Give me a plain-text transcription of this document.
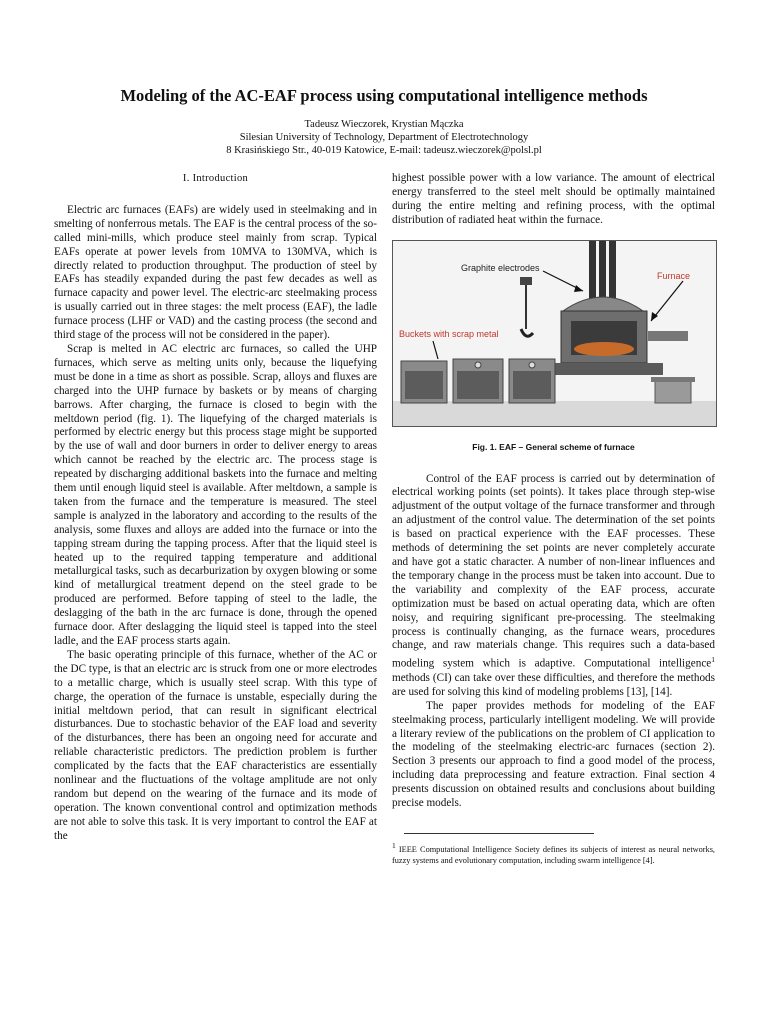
Modeling of the AC-EAF process using computational intelligence methods
Tadeusz Wieczorek, Krystian Mączka
Silesian University of Technology, Department of Electrotechnology
8 Krasińskiego Str., 40-019 Katowice, E-mail: tadeusz.wieczorek@polsl.pl
I. Introduction

Electric arc furnaces (EAFs) are widely used in steelmaking and in smelting of nonferrous metals. The EAF is the central process of the so-called mini-mills, which produce steel mainly from scrap. Typical EAFs operate at power levels from 10MVA to 130MVA, which is directly related to production throughput. The production of steel by EAFs has steadily expanded during the past few decades as well as furnace capacity and power level. The electric-arc steelmaking process is usually carried out in three stages: the melt process (EAF), the ladle furnace process (LHF or VAD) and the casting process (the second and third stage of the process will not be considered in the paper).

Scrap is melted in AC electric arc furnaces, so called the UHP furnaces, which serve as melting units only, because the liquefying must be done in a time as short as possible. Scrap, alloys and fluxes are charged into the UHP furnace by baskets or by means of charging barrows. After charging, the furnace is closed to begin with the meltdown period (fig. 1). The liquefying of the charged materials is performed by electric energy but this process stage might be supported by the use of wall and door burners in order to deliver energy to areas which cannot be reached by the electric arc. The process stage is repeated by discharging additional baskets into the furnace and melting them until enough liquid steel is available. After meltdown, a sample is taken from the furnace and the temperature is measured. The steel sample is analyzed in the laboratory and according to the results of the analysis, some fluxes and alloys are added into the furnace or into the tapping stream during the tapping process. After that the liquid steel is heated up to the required tapping temperature and additional metallurgical tasks, such as decarburization by oxygen blowing or some kind of metallurgical treatment depend on the steel grade to be produced are performed. Before tapping of steel to the ladle, the deslagging of the bath in the arc furnace is done, through the opened furnace door. After deslagging the liquid steel is tapped into the steel ladle, and the EAF process starts again.

The basic operating principle of this furnace, whether of the AC or the DC type, is that an electric arc is struck from one or more electrodes to a metallic charge, which is usually steel scrap. With this type of charge, the operation of the furnace is unstable, especially during the initial meltdown period, that can result in significant electrical disturbances. Due to stochastic behavior of the EAF load and severity of the disturbances, there has been an ongoing need for accurate and reliable characteristic predictors. The prediction problem is further complicated by the facts that the EAF characteristics are essentially nonlinear and the fluctuations of the voltage amplitude are not only random but depend on the wearing of the furnace and its mode of operation. The known conventional control and optimization methods are not able to solve this task. It is very important to control the EAF at the

highest possible power with a low variance. The amount of electrical energy transferred to the steel melt should be optimally maintained during the entire melting and refining process, with the optimal distribution of radiated heat within the furnace.

Graphite electrodes
Furnace
Buckets with scrap metal
Fig. 1. EAF – General scheme of furnace

Control of the EAF process is carried out by determination of electrical working points (set points). It takes place through step-wise adjustment of the output voltage of the furnace transformer and through an adjustment of the control value. The determination of the set points is based on practical experience with the EAF processes. These methods of determining the set points are never completely accurate and have got a static character. A number of non-linear influences and the temporary change in the process must be taken into account. Due to the variability and complexity of the EAF process, accurate optimization must be based on actual operating data, which are often noisy, and requiring significant pre-processing. The steelmaking process is continually changing, as the furnace wears, procedures change, and raw materials change. This requires such a data-based modeling system which is adaptive. Computational intelligence$^1$ methods (CI) can take over these difficulties, and therefore the methods are used for solving this kind of modeling problems [13], [14].

The paper provides methods for modeling of the EAF steelmaking process, particularly intelligent modeling. We will provide a literary review of the publications on the problem of CI application to the modeling of the steelmaking electric-arc furnaces (section 2). Section 3 presents our approach to find a good model of the process, including data preprocessing and feature extraction. Final section 4 presents discussion on obtained results and conclusions about building precise models.

$^1$ IEEE Computational Intelligence Society defines its subjects of interest as neural networks, fuzzy systems and evolutionary computation, including swarm intelligence [4].
